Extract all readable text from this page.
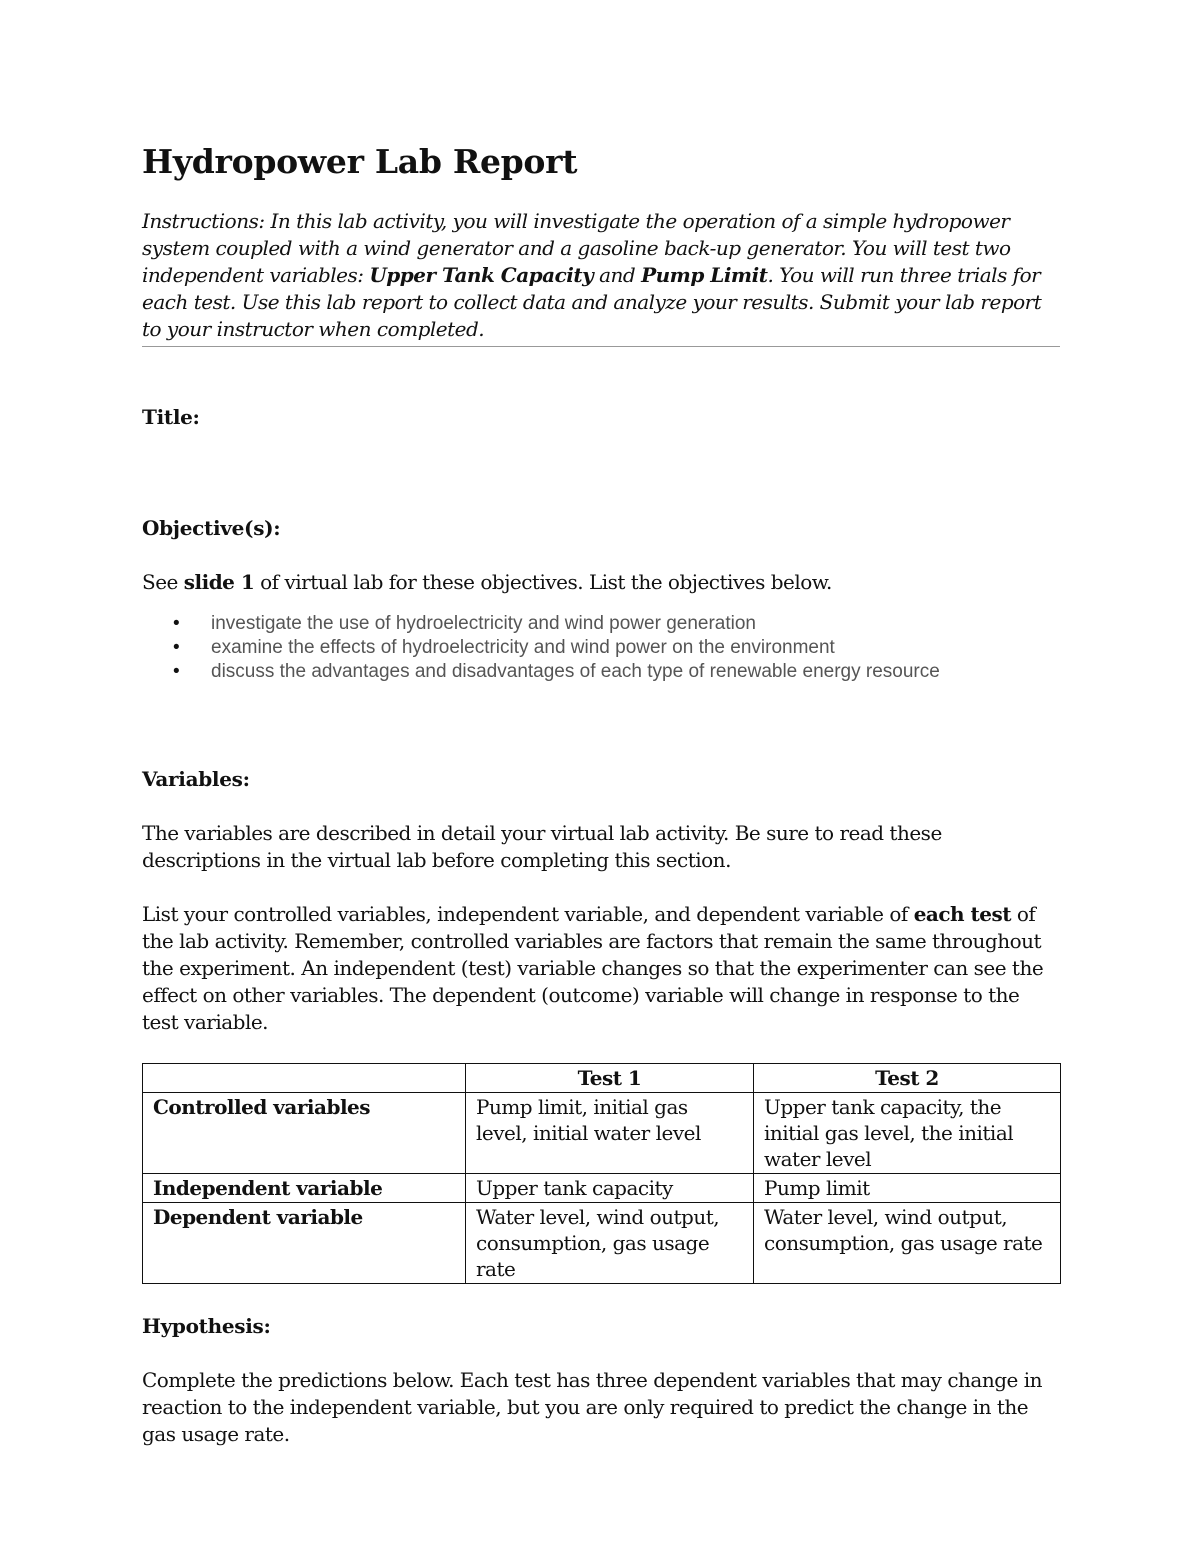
Hydropower Lab Report
Instructions: In this lab activity, you will investigate the operation of a simple hydropower system coupled with a wind generator and a gasoline back-up generator. You will test two independent variables: Upper Tank Capacity and Pump Limit. You will run three trials for each test. Use this lab report to collect data and analyze your results. Submit your lab report to your instructor when completed.
Title:
Objective(s):

See slide 1 of virtual lab for these objectives. List the objectives below.

• investigate the use of hydroelectricity and wind power generation
• examine the effects of hydroelectricity and wind power on the environment
• discuss the advantages and disadvantages of each type of renewable energy resource
Variables:

The variables are described in detail your virtual lab activity. Be sure to read these descriptions in the virtual lab before completing this section.

List your controlled variables, independent variable, and dependent variable of each test of the lab activity. Remember, controlled variables are factors that remain the same throughout the experiment. An independent (test) variable changes so that the experimenter can see the effect on other variables. The dependent (outcome) variable will change in response to the test variable.

	Test 1	Test 2
Controlled variables	Pump limit, initial gas level, initial water level	Upper tank capacity, the initial gas level, the initial water level
Independent variable	Upper tank capacity	Pump limit
Dependent variable	Water level, wind output, consumption, gas usage rate	Water level, wind output, consumption, gas usage rate
Hypothesis:

Complete the predictions below. Each test has three dependent variables that may change in reaction to the independent variable, but you are only required to predict the change in the gas usage rate.
